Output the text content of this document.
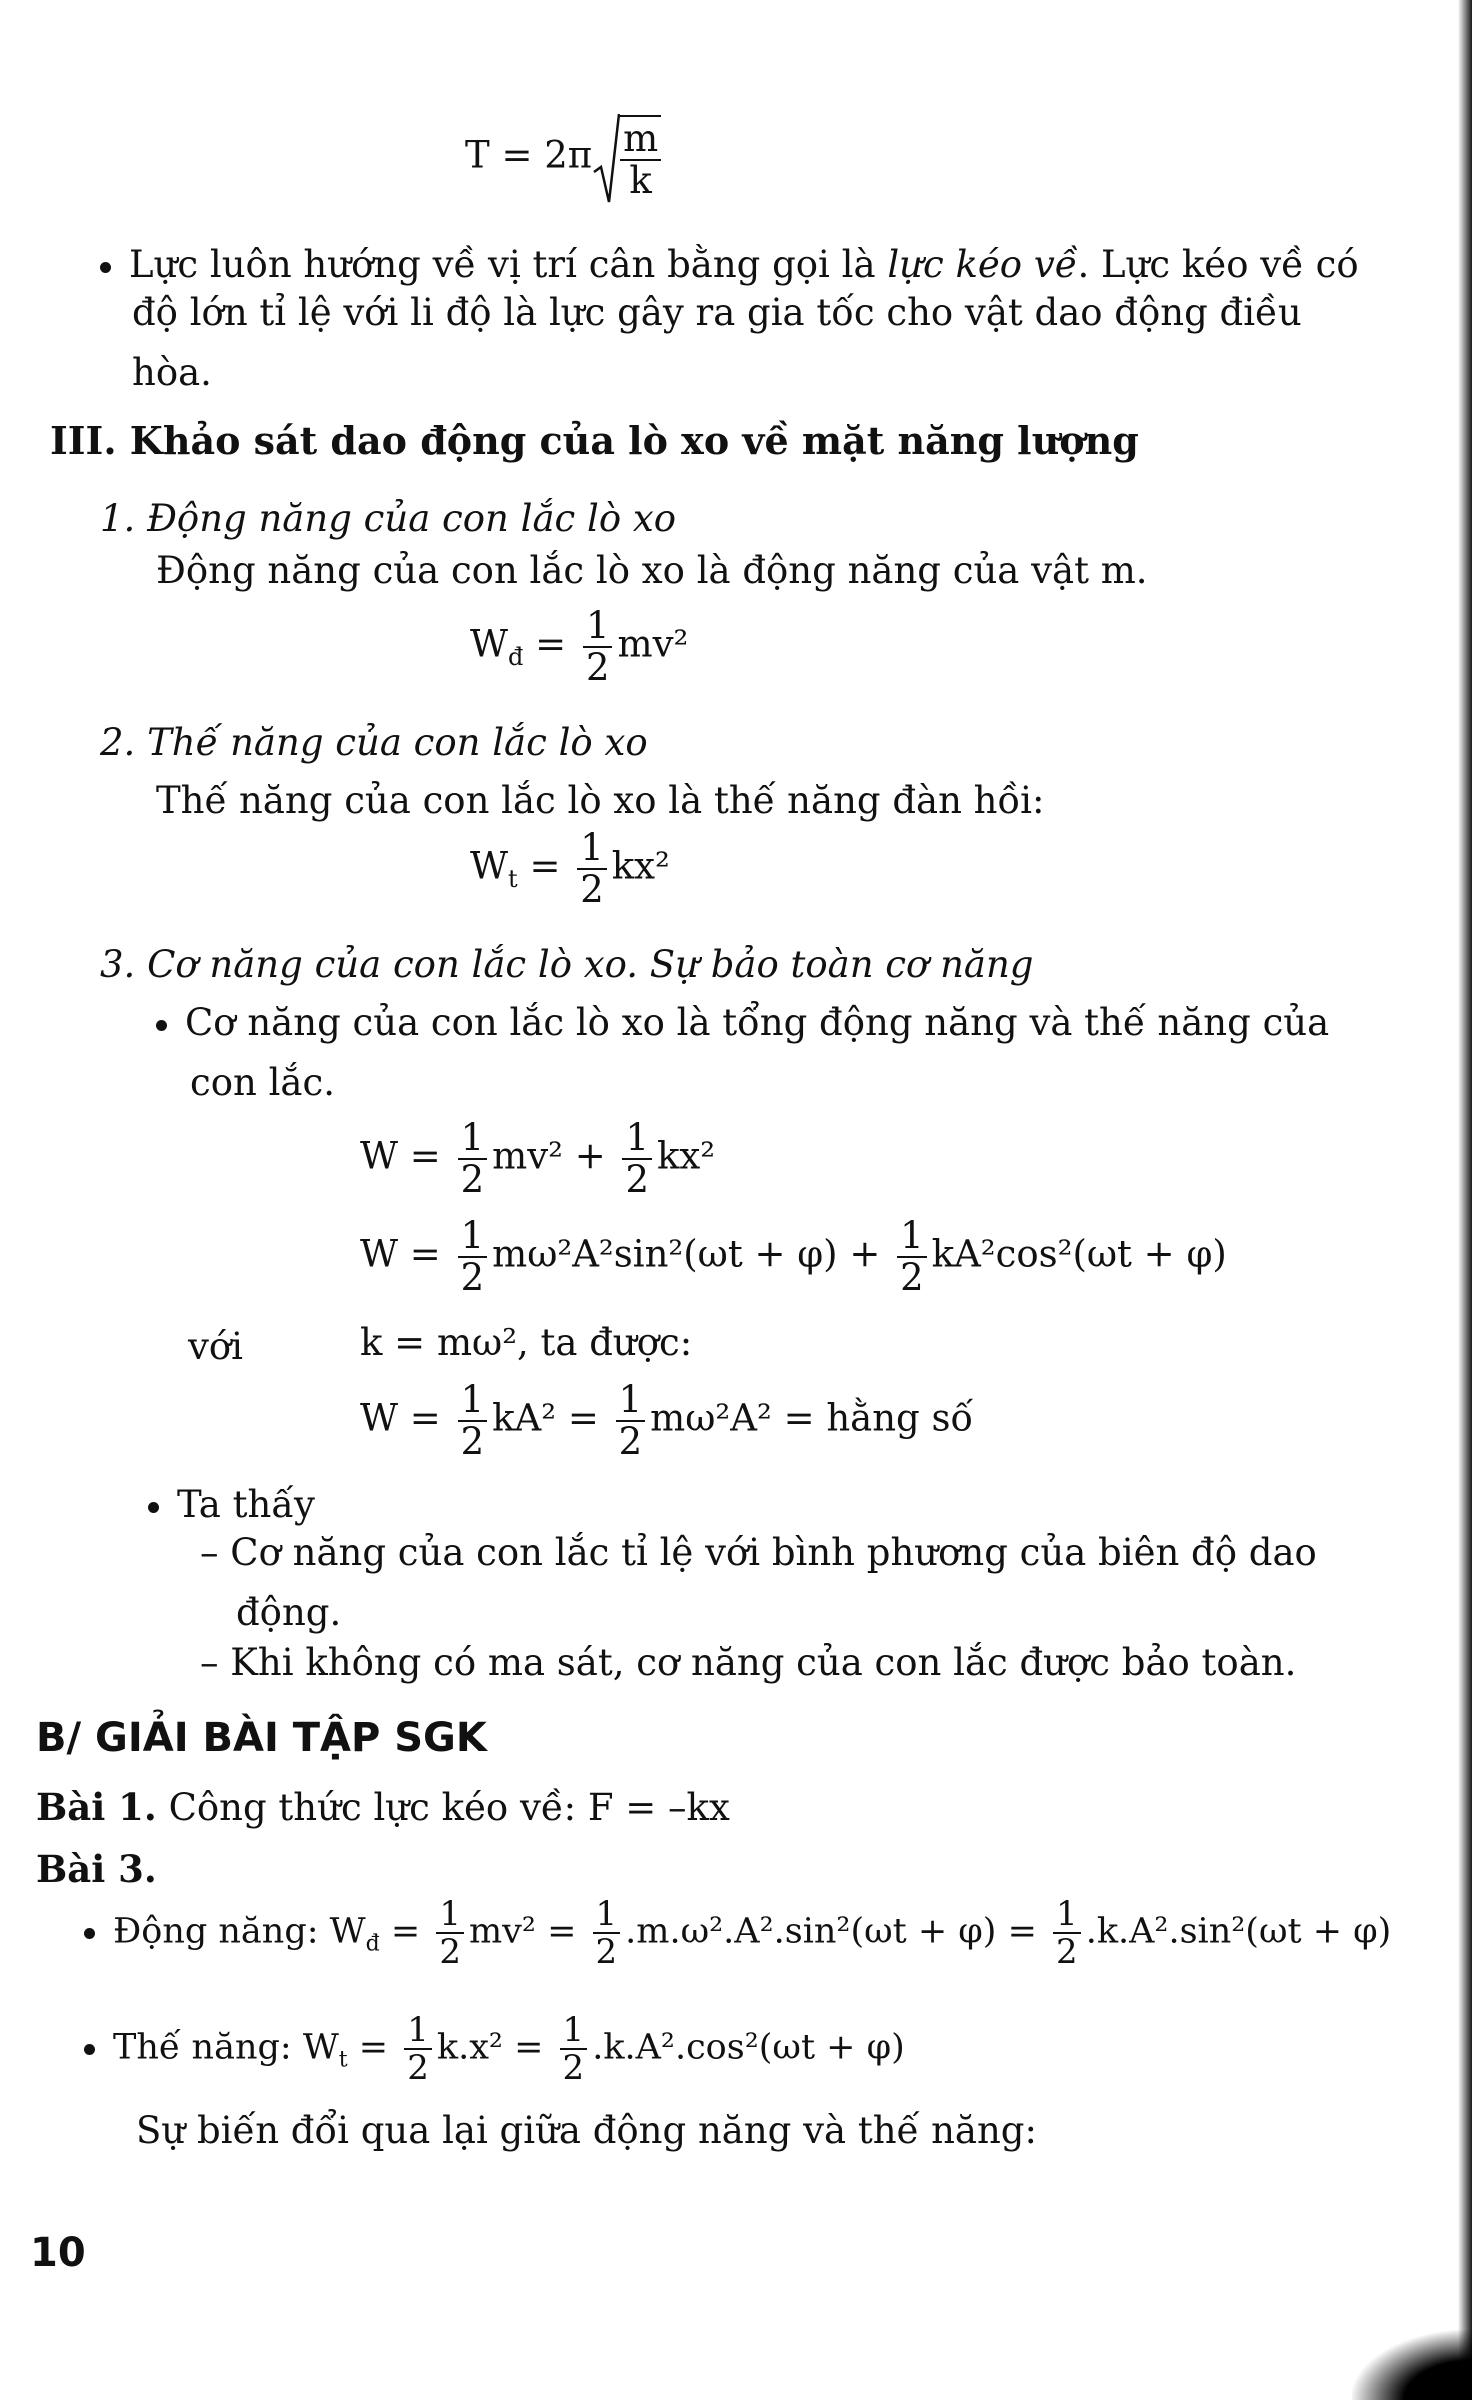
$T = 2\pi \frac{m}{k}$
Lực luôn hướng về vị trí cân bằng gọi là lực kéo về. Lực kéo về có
độ lớn tỉ lệ với li độ là lực gây ra gia tốc cho vật dao động điều
hòa.
III. Khảo sát dao động của lò xo về mặt năng lượng
1. Động năng của con lắc lò xo
Động năng của con lắc lò xo là động năng của vật m.
$W_đ = \frac{1}{2} mv^2$
2. Thế năng của con lắc lò xo
Thế năng của con lắc lò xo là thế năng đàn hồi:
$W_t = \frac{1}{2} kx^2$
3. Cơ năng của con lắc lò xo. Sự bảo toàn cơ năng
Cơ năng của con lắc lò xo là tổng động năng và thế năng của
con lắc.
$W = \frac{1}{2} mv^2 + \frac{1}{2} kx^2$
$W = \frac{1}{2} m\omega^2A^2\sin^2(\omega t + \varphi) + \frac{1}{2} kA^2\cos^2(\omega t + \varphi)$
với	k = mω², ta được:
$W = \frac{1}{2} kA^2 = \frac{1}{2} m\omega^2A^2$ = hằng số
Ta thấy
– Cơ năng của con lắc tỉ lệ với bình phương của biên độ dao
động.
– Khi không có ma sát, cơ năng của con lắc được bảo toàn.
B/ GIẢI BÀI TẬP SGK
Bài 1. Công thức lực kéo về: F = –kx
Bài 3.
Động năng: $W_đ = \frac{1}{2} mv^2 = \frac{1}{2} .m.\omega^2.A^2.\sin^2(\omega t + \varphi) = \frac{1}{2} .k.A^2.\sin^2(\omega t + \varphi)$
Thế năng: $W_t = \frac{1}{2} k.x^2 = \frac{1}{2} .k.A^2.\cos^2(\omega t + \varphi)$
Sự biến đổi qua lại giữa động năng và thế năng:
10
